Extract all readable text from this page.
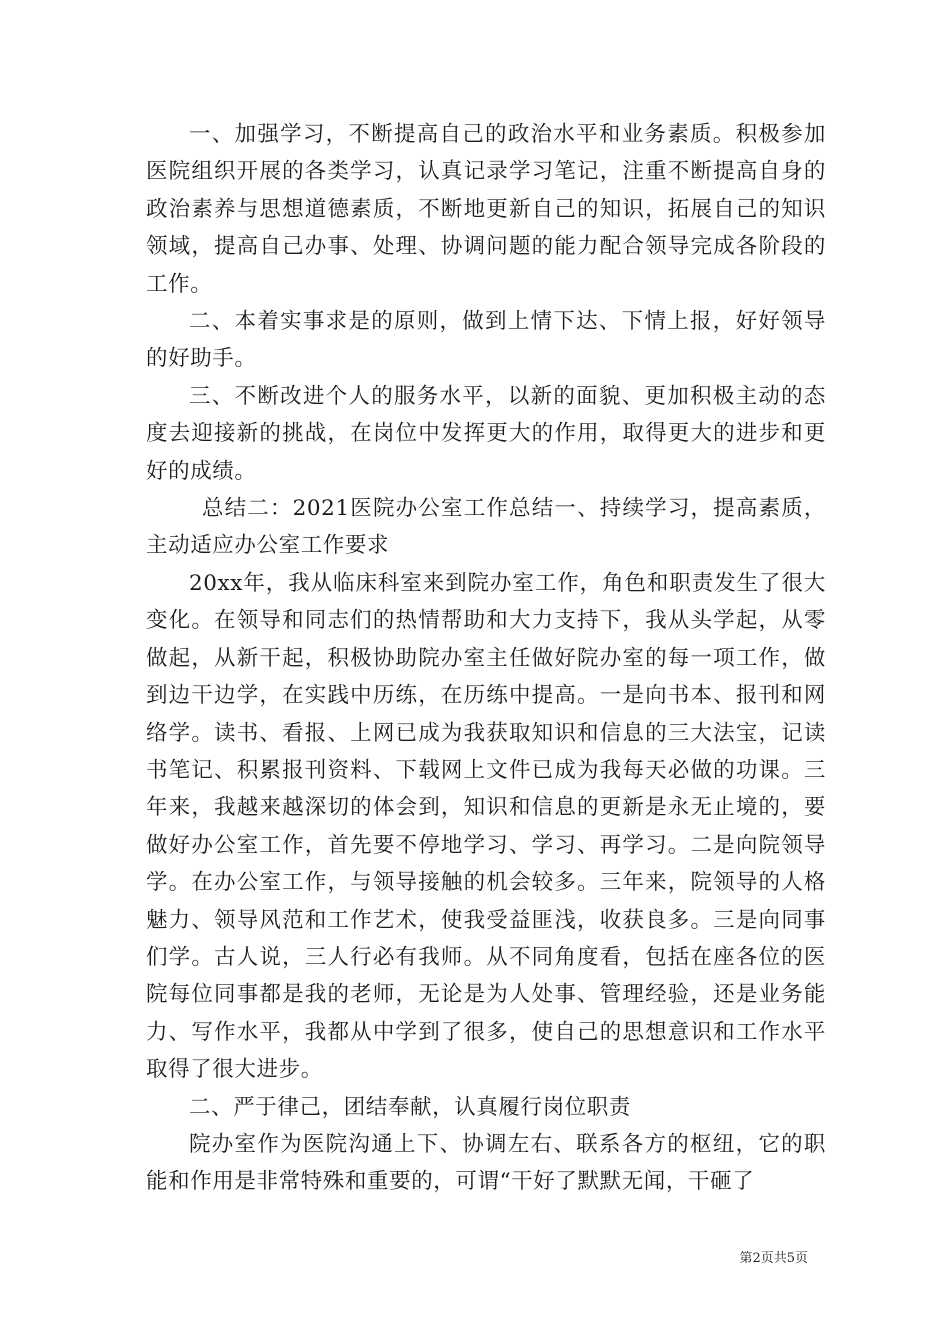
一、加强学习，不断提高自己的政治水平和业务素质。积极参加医院组织开展的各类学习，认真记录学习笔记，注重不断提高自身的政治素养与思想道德素质，不断地更新自己的知识，拓展自己的知识领域，提高自己办事、处理、协调问题的能力配合领导完成各阶段的工作。

二、本着实事求是的原则，做到上情下达、下情上报，好好领导的好助手。

三、不断改进个人的服务水平，以新的面貌、更加积极主动的态度去迎接新的挑战，在岗位中发挥更大的作用，取得更大的进步和更好的成绩。

总结二：2021医院办公室工作总结一、持续学习，提高素质，主动适应办公室工作要求

20xx年，我从临床科室来到院办室工作，角色和职责发生了很大变化。在领导和同志们的热情帮助和大力支持下，我从头学起，从零做起，从新干起，积极协助院办室主任做好院办室的每一项工作，做到边干边学，在实践中历练，在历练中提高。一是向书本、报刊和网络学。读书、看报、上网已成为我获取知识和信息的三大法宝，记读书笔记、积累报刊资料、下载网上文件已成为我每天必做的功课。三年来，我越来越深切的体会到，知识和信息的更新是永无止境的，要做好办公室工作，首先要不停地学习、学习、再学习。二是向院领导学。在办公室工作，与领导接触的机会较多。三年来，院领导的人格魅力、领导风范和工作艺术，使我受益匪浅，收获良多。三是向同事们学。古人说，三人行必有我师。从不同角度看，包括在座各位的医院每位同事都是我的老师，无论是为人处事、管理经验，还是业务能力、写作水平，我都从中学到了很多，使自己的思想意识和工作水平取得了很大进步。

二、严于律己，团结奉献，认真履行岗位职责

院办室作为医院沟通上下、协调左右、联系各方的枢纽，它的职能和作用是非常特殊和重要的，可谓“干好了默默无闻，干砸了

第2页共5页
